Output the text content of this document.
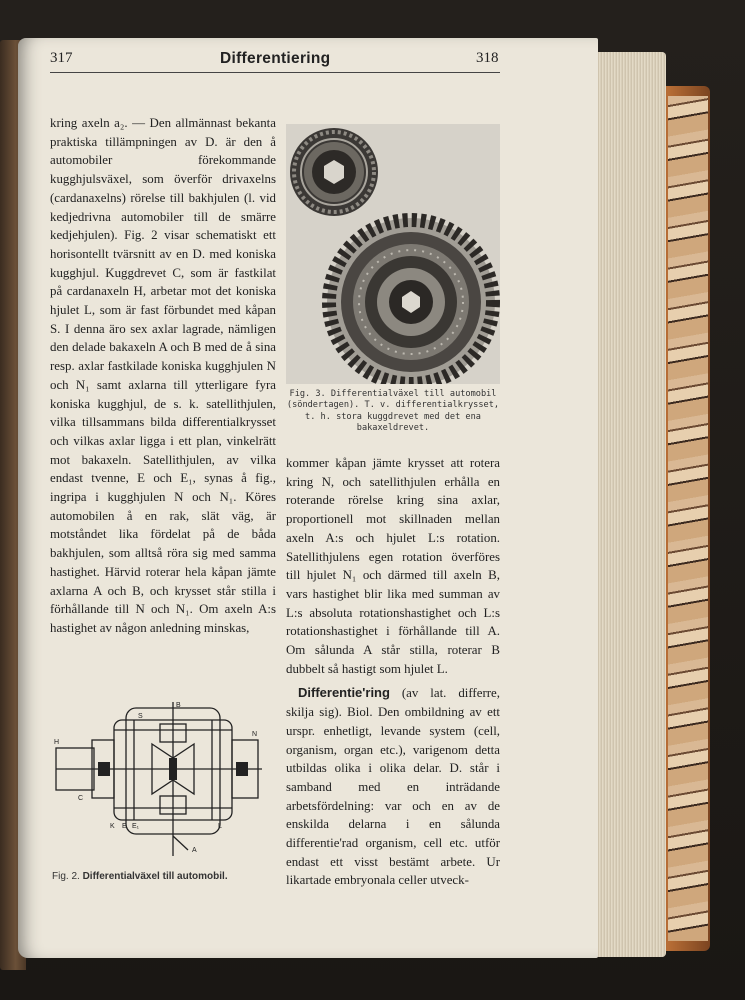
317	Differentiering	318

kring axeln a₂. — Den allmännast bekanta praktiska tillämpningen av D. är den å automobiler förekommande kugghjulsväxel, som överför drivaxelns (cardanaxelns) rörelse till bakhjulen (l. vid kedjedrivna automobiler till de smärre kedjehjulen). Fig. 2 visar schematiskt ett horisontellt tvärsnitt av en D. med koniska kugghjul. Kuggdrevet C, som är fastkilat på cardanaxeln H, arbetar mot det koniska hjulet L, som är fast förbundet med kåpan S. I denna äro sex axlar lagrade, nämligen den delade bakaxeln A och B med de å sina resp. axlar fastkilade koniska kugghjulen N och N₁ samt axlarna till ytterligare fyra koniska kugghjul, de s. k. satellithjulen, vilka tillsammans bilda differentialkrysset och vilkas axlar ligga i ett plan, vinkelrätt mot bakaxeln. Satellithjulen, av vilka endast tvenne, E och E₁, synas å fig., ingripa i kugghjulen N och N₁. Köres automobilen å en rak, slät väg, är motståndet lika fördelat på de båda bakhjulen, som alltså röra sig med samma hastighet. Härvid roterar hela kåpan jämte axlarna A och B, och krysset står stilla i förhållande till N och N₁. Om axeln A:s hastighet av någon anledning minskas,

Fig. 3. Differentialväxel till automobil (söndertagen). T. v. differentialkrysset, t. h. stora kuggdrevet med det ena bakaxeldrevet.

kommer kåpan jämte krysset att rotera kring N, och satellithjulen erhålla en roterande rörelse kring sina axlar, proportionell mot skillnaden mellan axeln A:s och hjulet L:s rotation. Satellithjulens egen rotation överföres till hjulet N₁ och därmed till axeln B, vars hastighet blir lika med summan av L:s absoluta rotationshastighet och L:s rotationshastighet i förhållande till A. Om sålunda A står stilla, roterar B dubbelt så hastigt som hjulet L.

Differentie'ring (av lat. differre, skilja sig). Biol. Den ombildning av ett urspr. enhetligt, levande system (cell, organism, organ etc.), varigenom detta utbildas olika i olika delar. D. står i samband med en inträdande arbetsfördelning: var och en av de enskilda delarna i en sålunda differentie'rad organism, cell etc. utför endast ett visst bestämt arbete. Ur likartade embryonala celler utveck-

S
B
H
N
C
K E E₁
A
L
Fig. 2. Differentialväxel till automobil.
